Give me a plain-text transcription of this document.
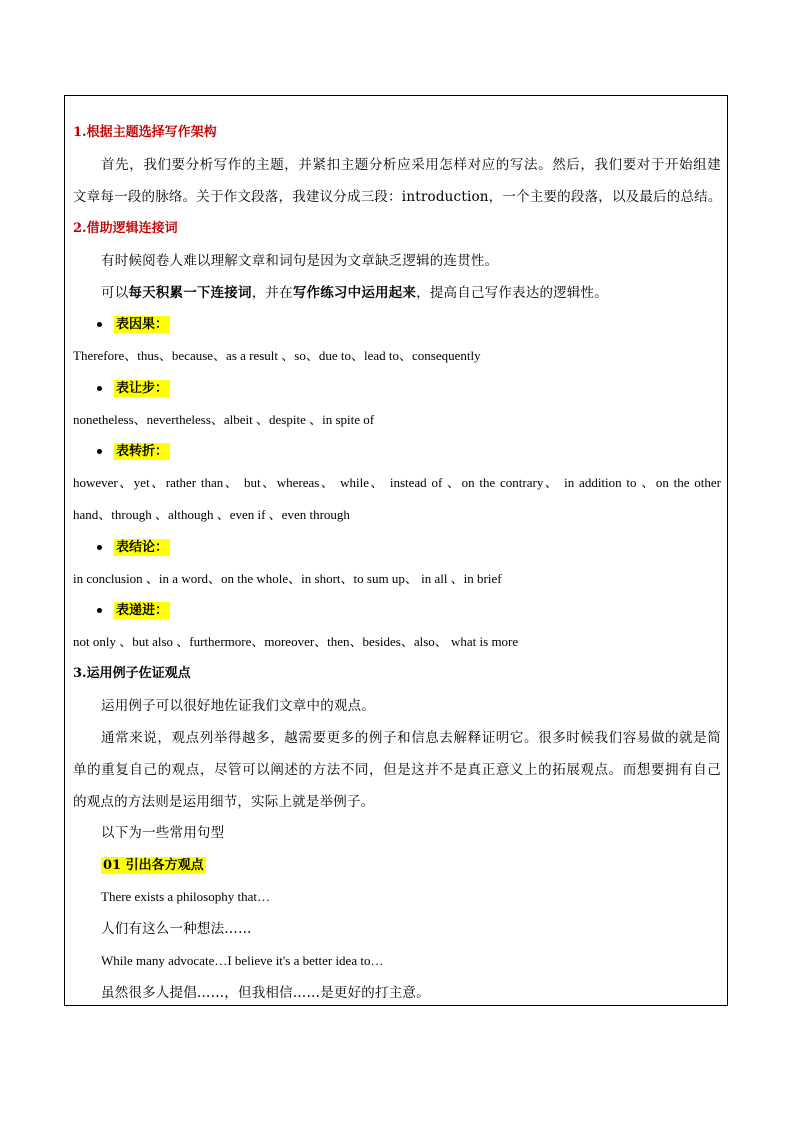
1.根据主题选择写作架构
首先，我们要分析写作的主题，并紧扣主题分析应采用怎样对应的写法。然后，我们要对于开始组建
文章每一段的脉络。关于作文段落，我建议分成三段：introduction，一个主要的段落，以及最后的总结。
2.借助逻辑连接词
有时候阅卷人难以理解文章和词句是因为文章缺乏逻辑的连贯性。
可以每天积累一下连接词，并在写作练习中运用起来，提高自己写作表达的逻辑性。
表因果：
Therefore、thus、because、as a result 、so、due to、lead to、consequently
表让步：
nonetheless、nevertheless、albeit 、despite 、in spite of
表转折：
however、yet、rather than、 but、whereas、 while、 instead of 、on the contrary、 in addition to 、on the other
hand、through 、although 、even if 、even through
表结论：
in conclusion 、in a word、on the whole、in short、to sum up、 in all 、in brief
表递进：
not only 、but also 、furthermore、moreover、then、besides、also、 what is more
3.运用例子佐证观点
运用例子可以很好地佐证我们文章中的观点。
通常来说，观点列举得越多，越需要更多的例子和信息去解释证明它。很多时候我们容易做的就是简
单的重复自己的观点，尽管可以阐述的方法不同，但是这并不是真正意义上的拓展观点。而想要拥有自己
的观点的方法则是运用细节，实际上就是举例子。
以下为一些常用句型
01 引出各方观点
There exists a philosophy that…
人们有这么一种想法……
While many advocate…I believe it's a better idea to…
虽然很多人提倡……，但我相信……是更好的打主意。
